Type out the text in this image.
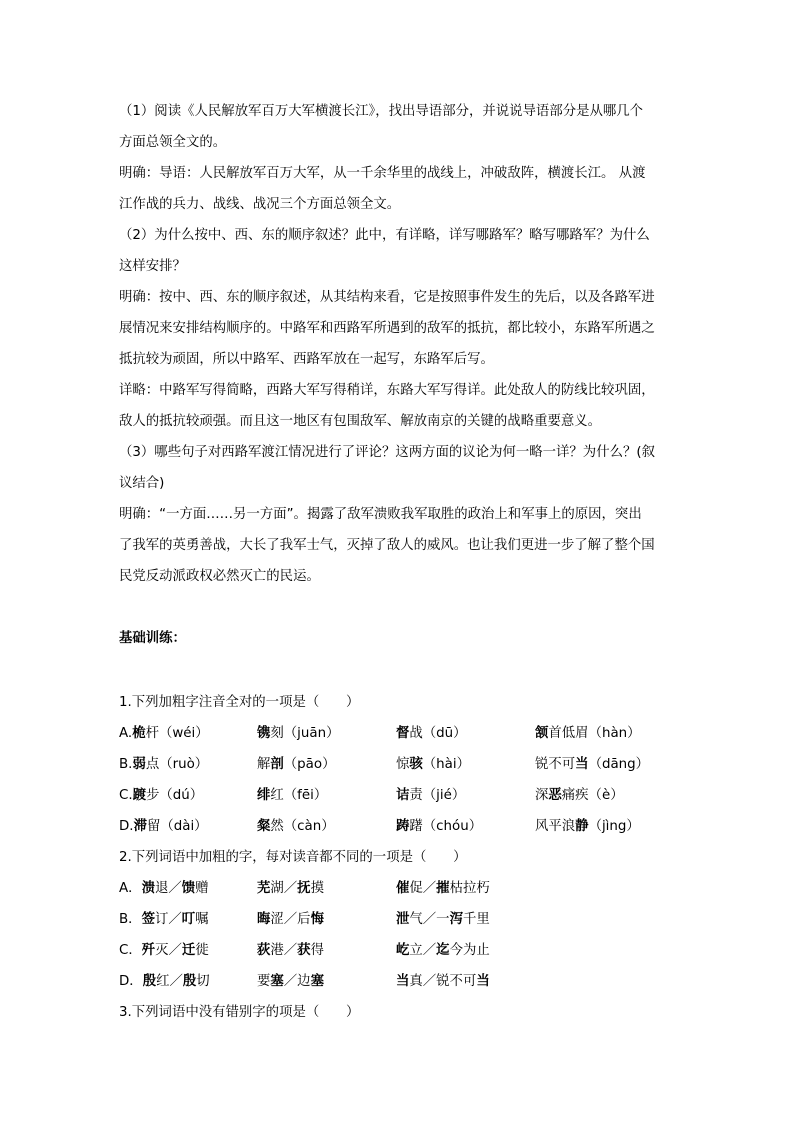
（1）阅读《人民解放军百万大军横渡长江》，找出导语部分，并说说导语部分是从哪几个

方面总领全文的。

明确：导语：人民解放军百万大军，从一千余华里的战线上，冲破敌阵，横渡长江。 从渡

江作战的兵力、战线、战况三个方面总领全文。

（2）为什么按中、西、东的顺序叙述？此中，有详略，详写哪路军？略写哪路军？为什么

这样安排？

明确：按中、西、东的顺序叙述，从其结构来看，它是按照事件发生的先后，以及各路军进

展情况来安排结构顺序的。中路军和西路军所遇到的敌军的抵抗，都比较小，东路军所遇之

抵抗较为顽固，所以中路军、西路军放在一起写，东路军后写。

详略：中路军写得简略，西路大军写得稍详，东路大军写得详。此处敌人的防线比较巩固，

敌人的抵抗较顽强。而且这一地区有包围敌军、解放南京的关键的战略重要意义。

（3）哪些句子对西路军渡江情况进行了评论？这两方面的议论为何一略一详？为什么？(叙

议结合)

明确：“一方面……另一方面”。揭露了敌军溃败我军取胜的政治上和军事上的原因，突出

了我军的英勇善战，大长了我军士气，灭掉了敌人的威风。也让我们更进一步了解了整个国

民党反动派政权必然灭亡的民运。

基础训练：

1.下列加粗字注音全对的一项是（　　）

A.桅杆（wéi）	镌刻（juān）	督战（dū）	颔首低眉（hàn）
B.弱点（ruò）	解剖（pāo）	惊骇（hài）	锐不可当（dāng）
C.踱步（dú）	绯红（fēi）	诘责（jié）	深恶痛疾（è）
D.滞留（dài）	粲然（càn）	踌躇（chóu）	风平浪静（jìng）

2.下列词语中加粗的字，每对读音都不同的一项是（　　）

A．溃退／馈赠	芜湖／抚摸	催促／摧枯拉朽
B．签订／叮嘱	晦涩／后悔	泄气／一泻千里
C．歼灭／迁徙	荻港／获得	屹立／迄今为止
D．殷红／殷切	要塞／边塞	当真／锐不可当

3.下列词语中没有错别字的项是（　　）
